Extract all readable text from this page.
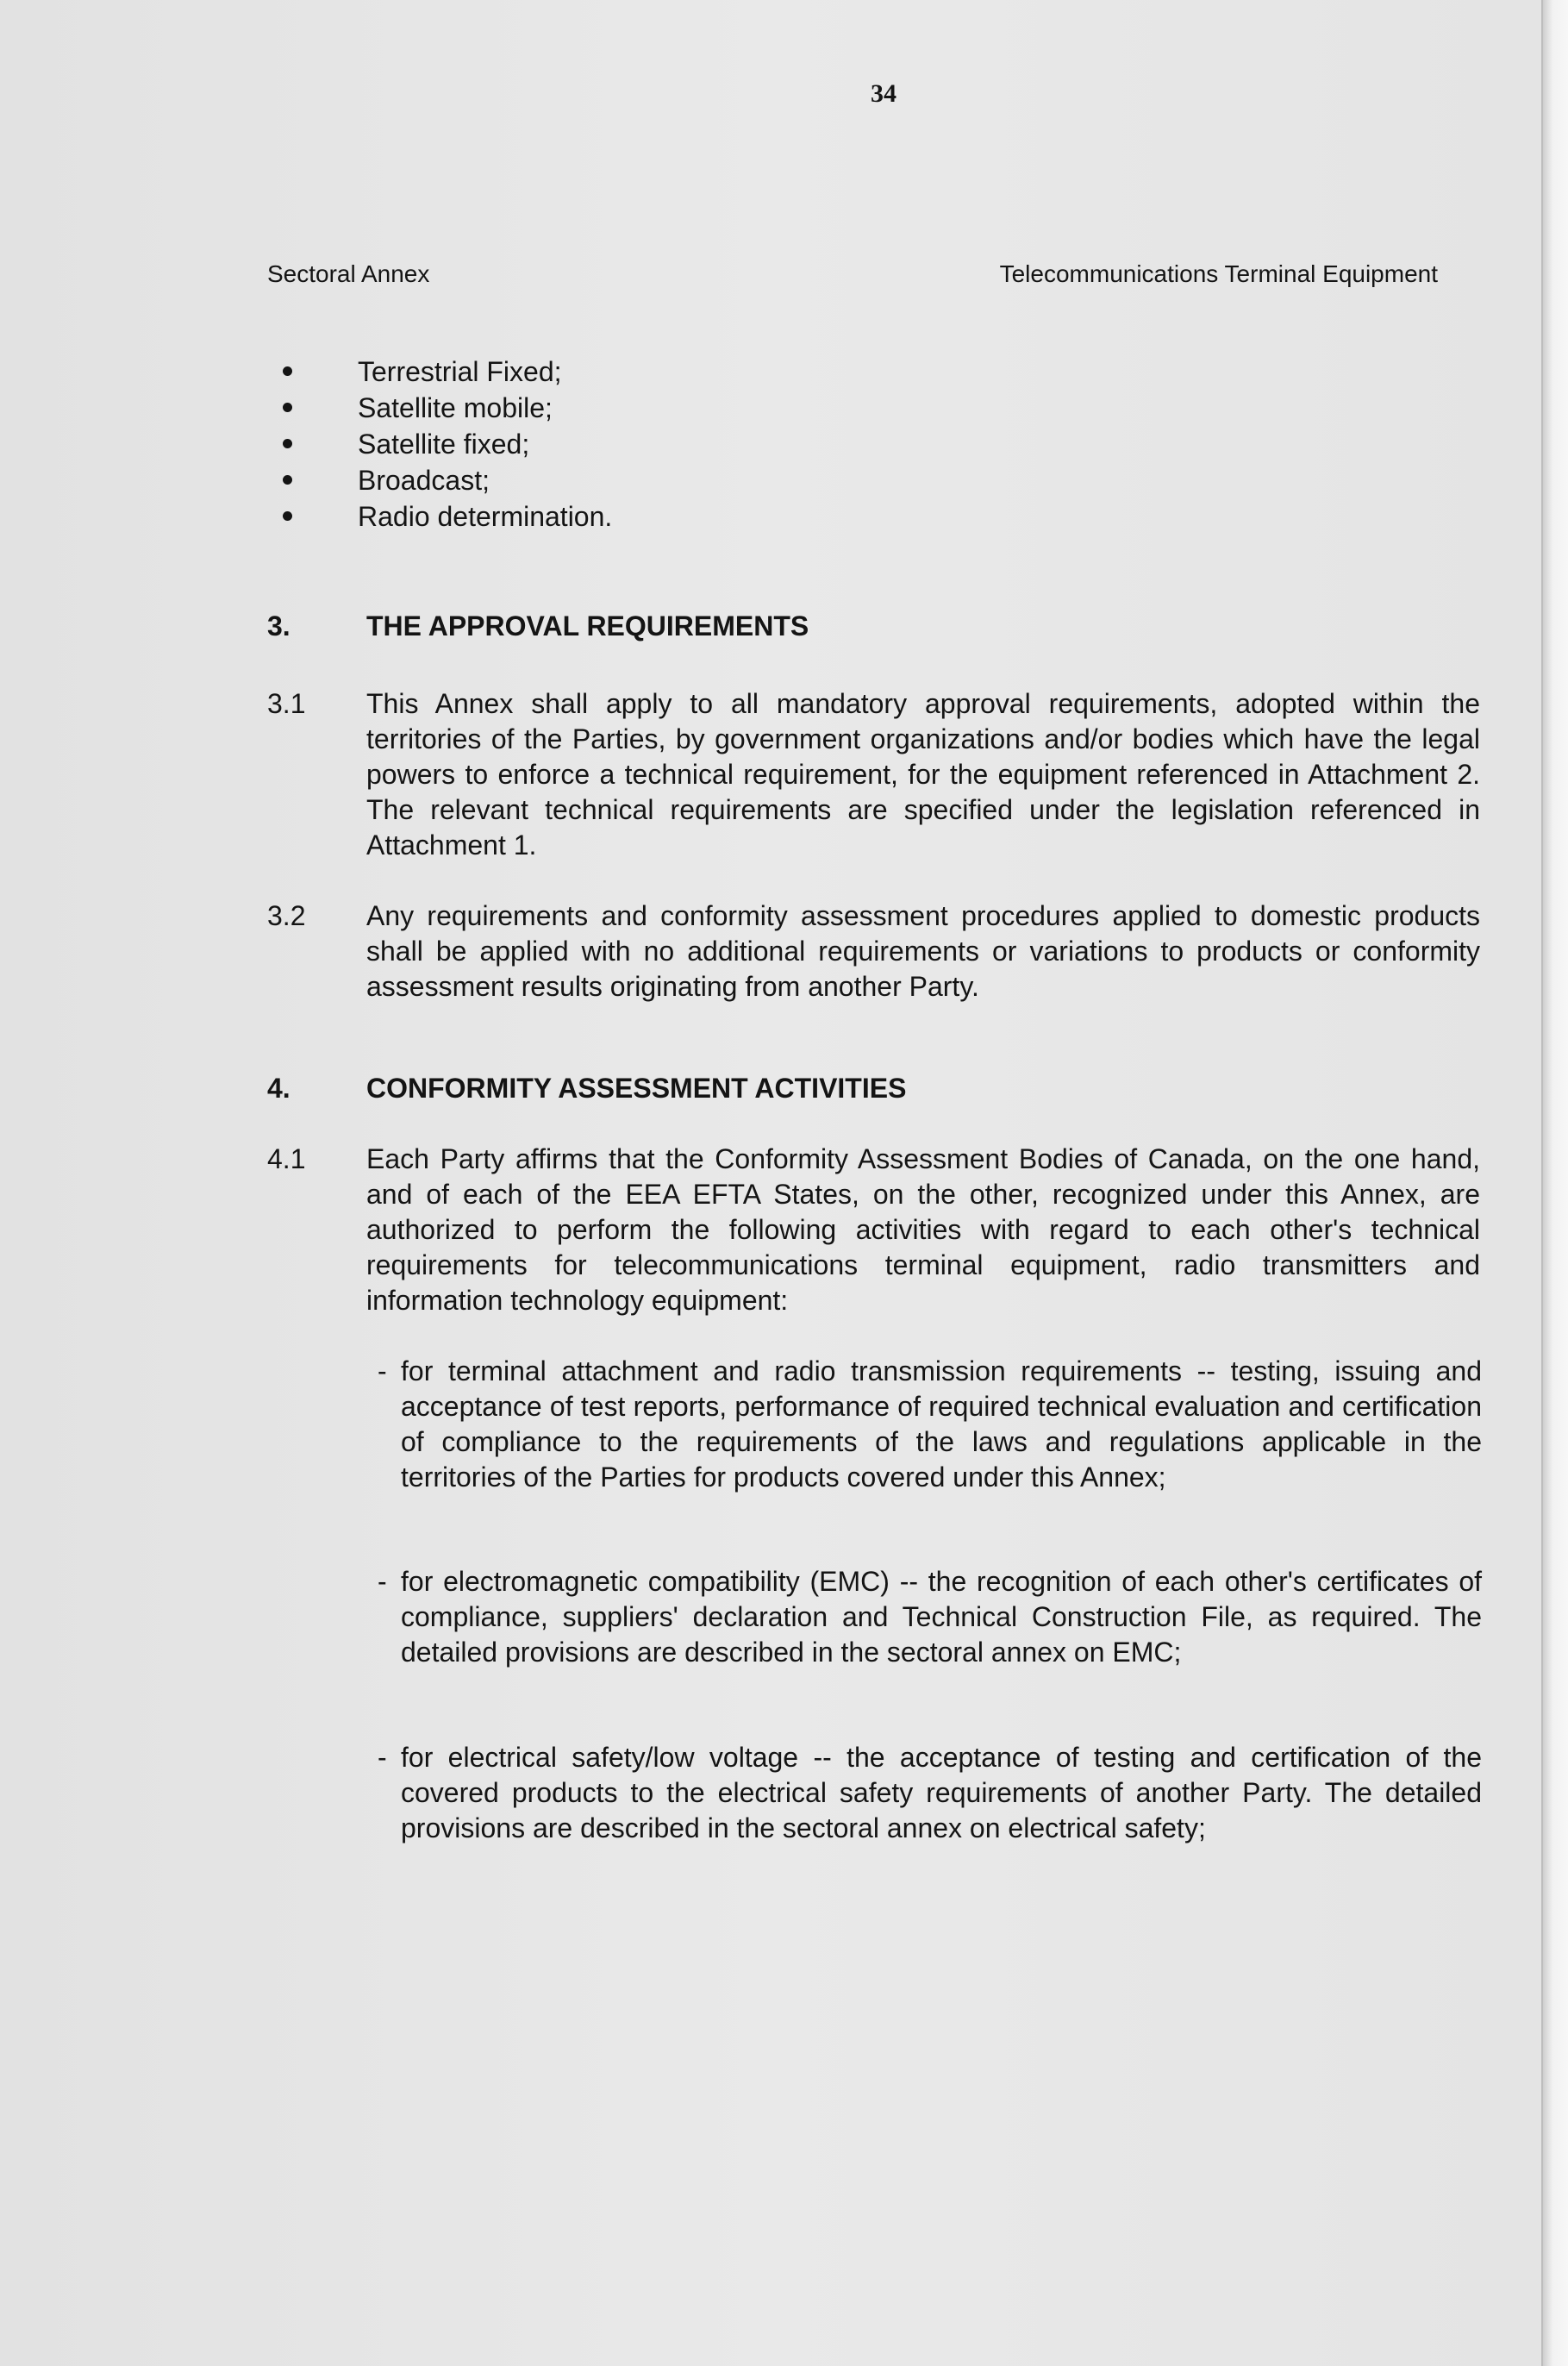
34
Sectoral Annex	Telecommunications Terminal Equipment
Terrestrial Fixed;
Satellite mobile;
Satellite fixed;
Broadcast;
Radio determination.
3.	THE APPROVAL REQUIREMENTS
3.1 This Annex shall apply to all mandatory approval requirements, adopted within the territories of the Parties, by government organizations and/or bodies which have the legal powers to enforce a technical requirement, for the equipment referenced in Attachment 2. The relevant technical requirements are specified under the legislation referenced in Attachment 1.
3.2 Any requirements and conformity assessment procedures applied to domestic products shall be applied with no additional requirements or variations to products or conformity assessment results originating from another Party.
4.	CONFORMITY ASSESSMENT ACTIVITIES
4.1 Each Party affirms that the Conformity Assessment Bodies of Canada, on the one hand, and of each of the EEA EFTA States, on the other, recognized under this Annex, are authorized to perform the following activities with regard to each other's technical requirements for telecommunications terminal equipment, radio transmitters and information technology equipment:
- for terminal attachment and radio transmission requirements -- testing, issuing and acceptance of test reports, performance of required technical evaluation and certification of compliance to the requirements of the laws and regulations applicable in the territories of the Parties for products covered under this Annex;
- for electromagnetic compatibility (EMC) -- the recognition of each other's certificates of compliance, suppliers' declaration and Technical Construction File, as required. The detailed provisions are described in the sectoral annex on EMC;
- for electrical safety/low voltage -- the acceptance of testing and certification of the covered products to the electrical safety requirements of another Party. The detailed provisions are described in the sectoral annex on electrical safety;
